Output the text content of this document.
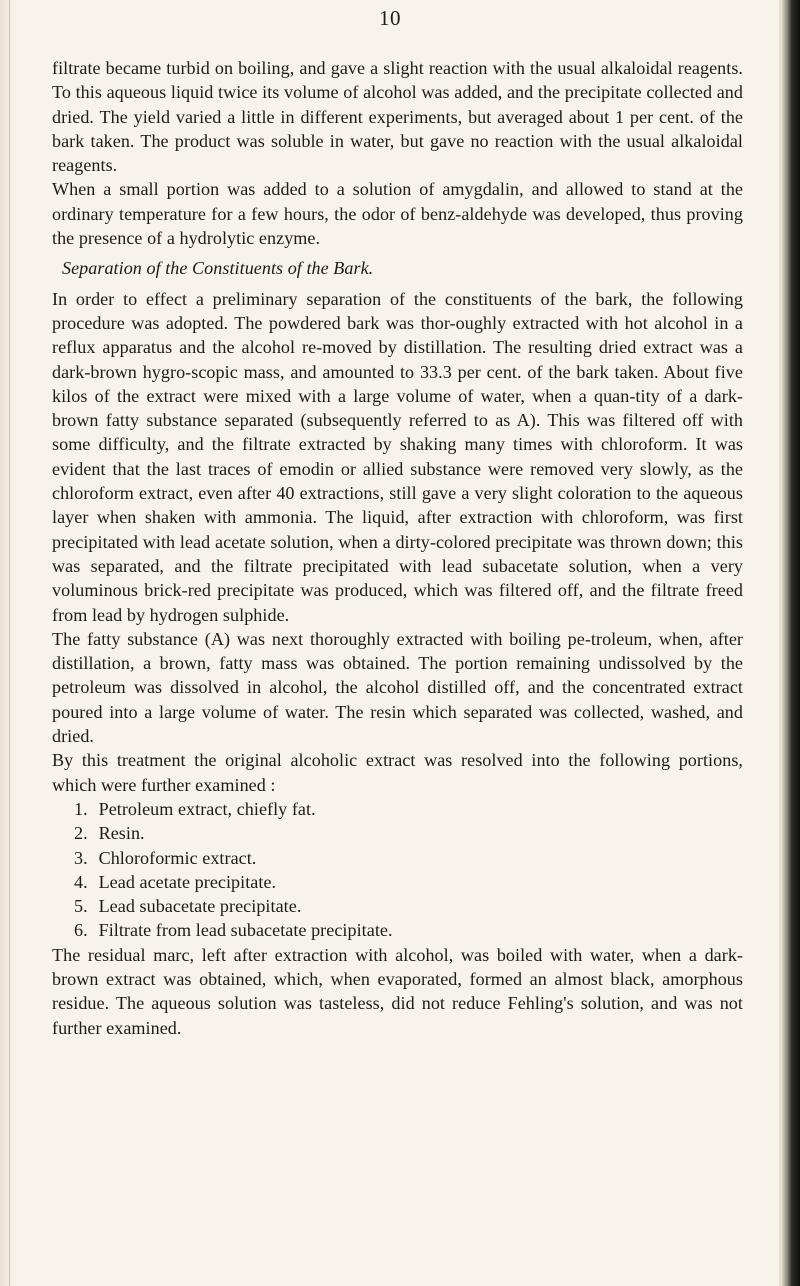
10

filtrate became turbid on boiling, and gave a slight reaction with the usual alkaloidal reagents. To this aqueous liquid twice its volume of alcohol was added, and the precipitate collected and dried. The yield varied a little in different experiments, but averaged about 1 per cent. of the bark taken. The product was soluble in water, but gave no reaction with the usual alkaloidal reagents.

When a small portion was added to a solution of amygdalin, and allowed to stand at the ordinary temperature for a few hours, the odor of benz-aldehyde was developed, thus proving the presence of a hydrolytic enzyme.

Separation of the Constituents of the Bark.

In order to effect a preliminary separation of the constituents of the bark, the following procedure was adopted. The powdered bark was thor-oughly extracted with hot alcohol in a reflux apparatus and the alcohol re-moved by distillation. The resulting dried extract was a dark-brown hygro-scopic mass, and amounted to 33.3 per cent. of the bark taken. About five kilos of the extract were mixed with a large volume of water, when a quan-tity of a dark-brown fatty substance separated (subsequently referred to as A). This was filtered off with some difficulty, and the filtrate extracted by shaking many times with chloroform. It was evident that the last traces of emodin or allied substance were removed very slowly, as the chloroform extract, even after 40 extractions, still gave a very slight coloration to the aqueous layer when shaken with ammonia. The liquid, after extraction with chloroform, was first precipitated with lead acetate solution, when a dirty-colored precipitate was thrown down; this was separated, and the filtrate precipitated with lead subacetate solution, when a very voluminous brick-red precipitate was produced, which was filtered off, and the filtrate freed from lead by hydrogen sulphide.

The fatty substance (A) was next thoroughly extracted with boiling pe-troleum, when, after distillation, a brown, fatty mass was obtained. The portion remaining undissolved by the petroleum was dissolved in alcohol, the alcohol distilled off, and the concentrated extract poured into a large volume of water. The resin which separated was collected, washed, and dried.

By this treatment the original alcoholic extract was resolved into the following portions, which were further examined :

1. Petroleum extract, chiefly fat.
2. Resin.
3. Chloroformic extract.
4. Lead acetate precipitate.
5. Lead subacetate precipitate.
6. Filtrate from lead subacetate precipitate.

The residual marc, left after extraction with alcohol, was boiled with water, when a dark-brown extract was obtained, which, when evaporated, formed an almost black, amorphous residue. The aqueous solution was tasteless, did not reduce Fehling's solution, and was not further examined.
